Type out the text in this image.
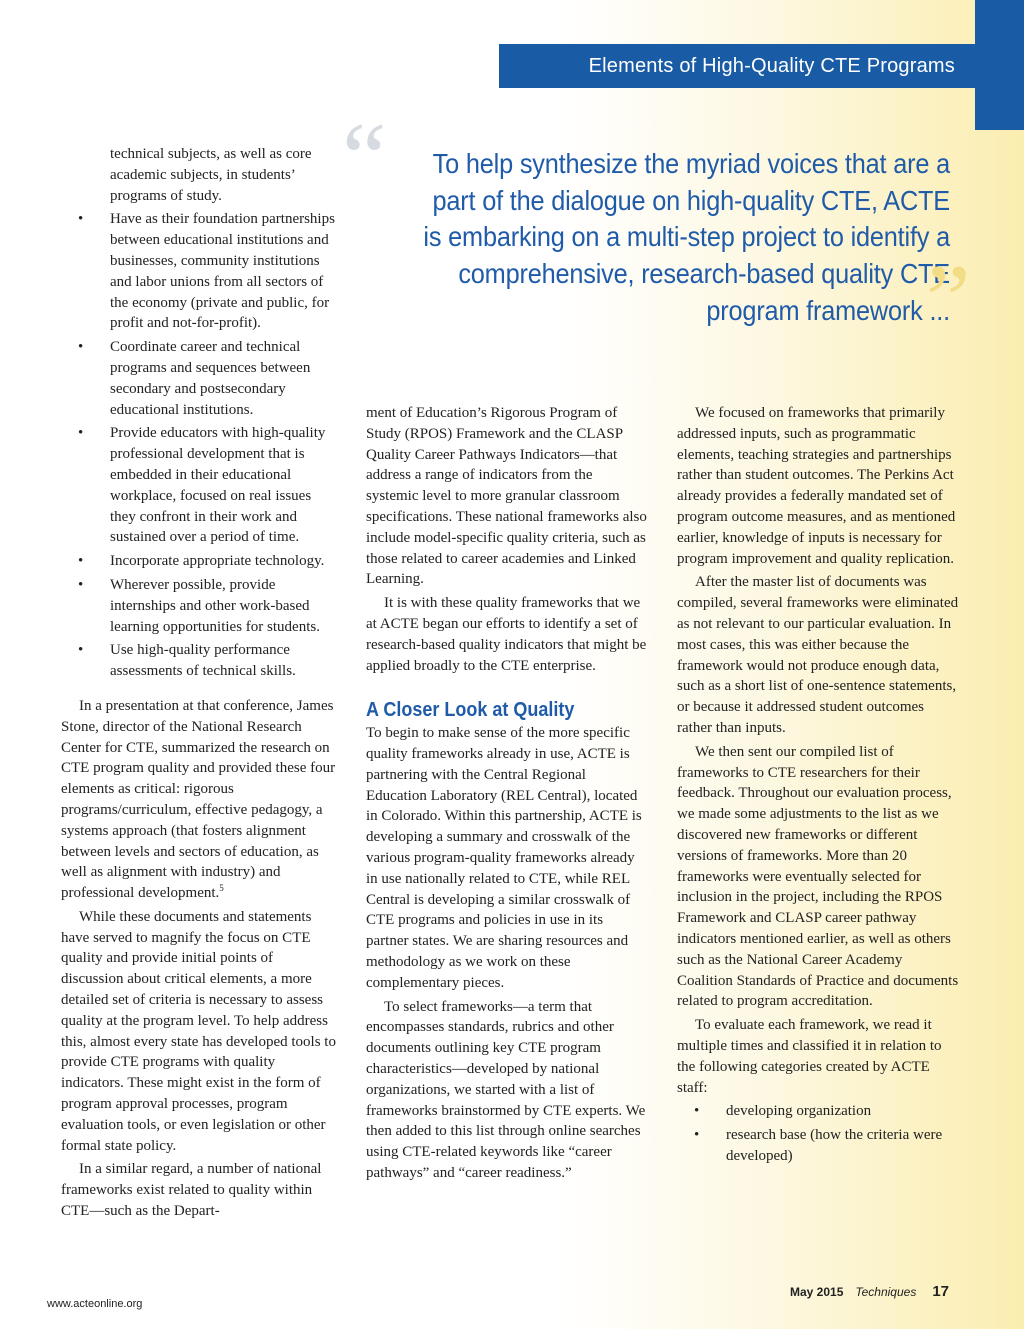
Elements of High-Quality CTE Programs
“	To help synthesize the myriad voices that are a part of the dialogue on high-quality CTE, ACTE is embarking on a multi-step project to identify a comprehensive, research-based quality CTE program framework ...
”

technical subjects, as well as core academic subjects, in students’ programs of study.

• Have as their foundation partnerships between educational institutions and businesses, community institutions and labor unions from all sectors of the economy (private and public, for profit and not-for-profit).
• Coordinate career and technical programs and sequences between secondary and postsecondary educational institutions.
• Provide educators with high-quality professional development that is embedded in their educational workplace, focused on real issues they confront in their work and sustained over a period of time.
• Incorporate appropriate technology.
• Wherever possible, provide internships and other work-based learning opportunities for students.
• Use high-quality performance assessments of technical skills.

In a presentation at that conference, James Stone, director of the National Research Center for CTE, summarized the research on CTE program quality and provided these four elements as critical: rigorous programs/curriculum, effective pedagogy, a systems approach (that fosters alignment between levels and sectors of education, as well as alignment with industry) and professional development.$^5$

While these documents and statements have served to magnify the focus on CTE quality and provide initial points of discussion about critical elements, a more detailed set of criteria is necessary to assess quality at the program level. To help address this, almost every state has developed tools to provide CTE programs with quality indicators. These might exist in the form of program approval processes, program evaluation tools, or even legislation or other formal state policy.

In a similar regard, a number of national frameworks exist related to quality within CTE—such as the Depart-

ment of Education’s Rigorous Program of Study (RPOS) Framework and the CLASP Quality Career Pathways Indicators—that address a range of indicators from the systemic level to more granular classroom specifications. These national frameworks also include model-specific quality criteria, such as those related to career academies and Linked Learning.

It is with these quality frameworks that we at ACTE began our efforts to identify a set of research-based quality indicators that might be applied broadly to the CTE enterprise.

A Closer Look at Quality

To begin to make sense of the more specific quality frameworks already in use, ACTE is partnering with the Central Regional Education Laboratory (REL Central), located in Colorado. Within this partnership, ACTE is developing a summary and crosswalk of the various program-quality frameworks already in use nationally related to CTE, while REL Central is developing a similar crosswalk of CTE programs and policies in use in its partner states. We are sharing resources and methodology as we work on these complementary pieces.

To select frameworks—a term that encompasses standards, rubrics and other documents outlining key CTE program characteristics—developed by national organizations, we started with a list of frameworks brainstormed by CTE experts. We then added to this list through online searches using CTE-related keywords like “career pathways” and “career readiness.”

We focused on frameworks that primarily addressed inputs, such as programmatic elements, teaching strategies and partnerships rather than student outcomes. The Perkins Act already provides a federally mandated set of program outcome measures, and as mentioned earlier, knowledge of inputs is necessary for program improvement and quality replication.

After the master list of documents was compiled, several frameworks were eliminated as not relevant to our particular evaluation. In most cases, this was either because the framework would not produce enough data, such as a short list of one-sentence statements, or because it addressed student outcomes rather than inputs.

We then sent our compiled list of frameworks to CTE researchers for their feedback. Throughout our evaluation process, we made some adjustments to the list as we discovered new frameworks or different versions of frameworks. More than 20 frameworks were eventually selected for inclusion in the project, including the RPOS Framework and CLASP career pathway indicators mentioned earlier, as well as others such as the National Career Academy Coalition Standards of Practice and documents related to program accreditation.

To evaluate each framework, we read it multiple times and classified it in relation to the following categories created by ACTE staff:

• developing organization
• research base (how the criteria were developed)
May 2015 Techniques 17
www.acteonline.org
